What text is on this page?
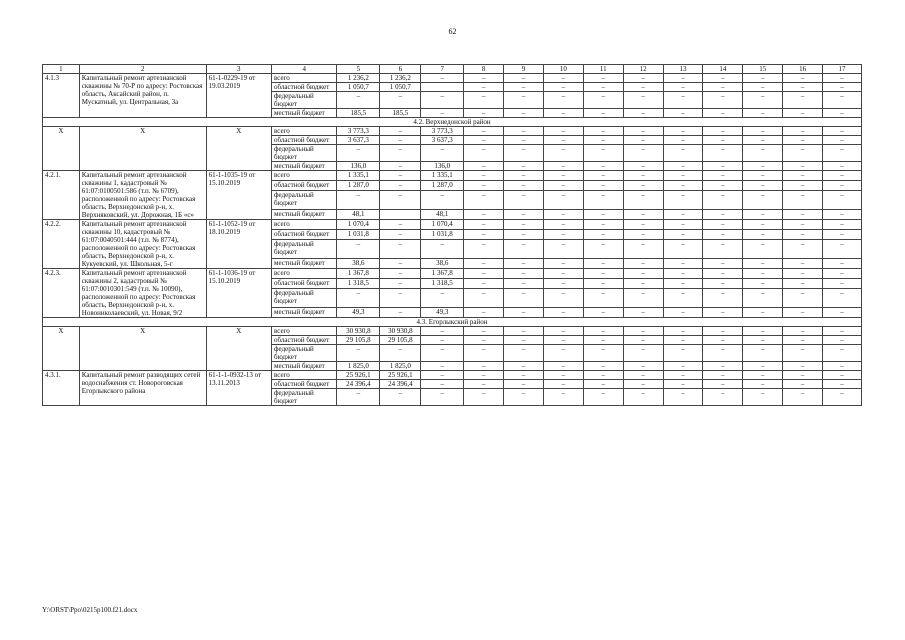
62
1	2	3	4	5	6	7	8	9	10	11	12	13	14	15	16	17
4.1.3	Капитальный ремонт артезианской скважины № 70-Р по адресу: Ростовская область, Аксайский район, п. Мускатный, ул. Центральная, 3а	61-1-0229-19 от 19.03.2019	всего	1 236,2	1 236,2	–	–	–	–	–	–	–	–	–	–	–
			областной бюджет	1 050,7	1 050,7		–	–	–	–	–	–	–	–	–	–
			федеральный бюджет	–	–	–	–	–	–	–	–	–	–	–	–	–
			местный бюджет	185,5	185,5	–	–	–	–	–	–	–	–	–	–	–
4.2. Верхнедонской район																
Х	Х	Х	всего	3 773,3	–	3 773,3	–	–	–	–	–	–	–	–	–	–
			областной бюджет	3 637,3	–	3 637,3	–	–	–	–	–	–	–	–	–	–
			федеральный бюджет	–	–	–	–	–	–	–	–	–	–	–	–	–
			местный бюджет	136,0	–	136,0	–	–	–	–	–	–	–	–	–	–
4.2.1.	Капитальный ремонт артезианской скважины 1, кадастровый № 61:07:0100501:586 (т.п. № 6709), расположенной по адресу: Ростовская область, Верхнедонской р-н, х. Верхняковский, ул. Дорожная, 1Б «с»	61-1-1035-19 от 15.10.2019	всего	1 335,1	–	1 335,1	–	–	–	–	–	–	–	–	–	–
			областной бюджет	1 287,0	–	1 287,0	–	–	–	–	–	–	–	–	–	–
			федеральный бюджет	–	–	–	–	–	–	–	–	–	–	–	–	–
			местный бюджет	48,1		48,1	–	–	–	–	–	–	–	–	–	–
4.2.2.	Капитальный ремонт артезианской скважины 10, кадастровый № 61:07:0040501:444 (т.п. № 8774), расположенной по адресу: Ростовская область, Верхнедонской р-н, х. Кукуевский, ул. Школьная, 5-г	61-1-1052-19 от 18.10.2019	всего	1 070,4	–	1 070,4	–	–	–	–	–	–	–	–	–	–
			областной бюджет	1 031,8	–	1 031,8	–	–	–	–	–	–	–	–	–	–
			федеральный бюджет	–	–	–	–	–	–	–	–	–	–	–	–	–
			местный бюджет	38,6	–	38,6	–	–	–	–	–	–	–	–	–	–
4.2.3.	Капитальный ремонт артезианской скважины 2, кадастровый № 61:07:0010301:549 (т.п. № 10090), расположенной по адресу: Ростовская область, Верхнедонской р-н, х. Новониколаевский, ул. Новая, 9/2	61-1-1036-19 от 15.10.2019	всего	1 367,8	–	1 367,8	–	–	–	–	–	–	–	–	–	–
			областной бюджет	1 318,5	–	1 318,5	–	–	–	–	–	–	–	–	–	–
			федеральный бюджет	–	–	–	–	–	–	–	–	–	–	–	–	–
			местный бюджет	49,3	–	49,3	–	–	–	–	–	–	–	–	–	–
4.3. Егорлыкский район																
Х	Х	Х	всего	30 930,8	30 930,8	–	–	–	–	–	–	–	–	–	–	–
			областной бюджет	29 105,8	29 105,8	–	–	–	–	–	–	–	–	–	–	–
			федеральный бюджет	–	–	–	–	–	–	–	–	–	–	–	–	–
			местный бюджет	1 825,0	1 825,0	–	–	–	–	–	–	–	–	–	–	–
4.3.1.	Капитальный ремонт разводящих сетей водоснабжения ст. Новороговская Егорлыкского района	61-1-1-0932-13 от 13.11.2013	всего	25 926,1	25 926,1	–	–	–	–	–	–	–	–	–	–	–
			областной бюджет	24 396,4	24 396,4	–	–	–	–	–	–	–	–	–	–	–
			федеральный бюджет	–	–	–	–	–	–	–	–	–	–	–	–	–
Y:\ORST\Ppo\0215p100.f21.docx
